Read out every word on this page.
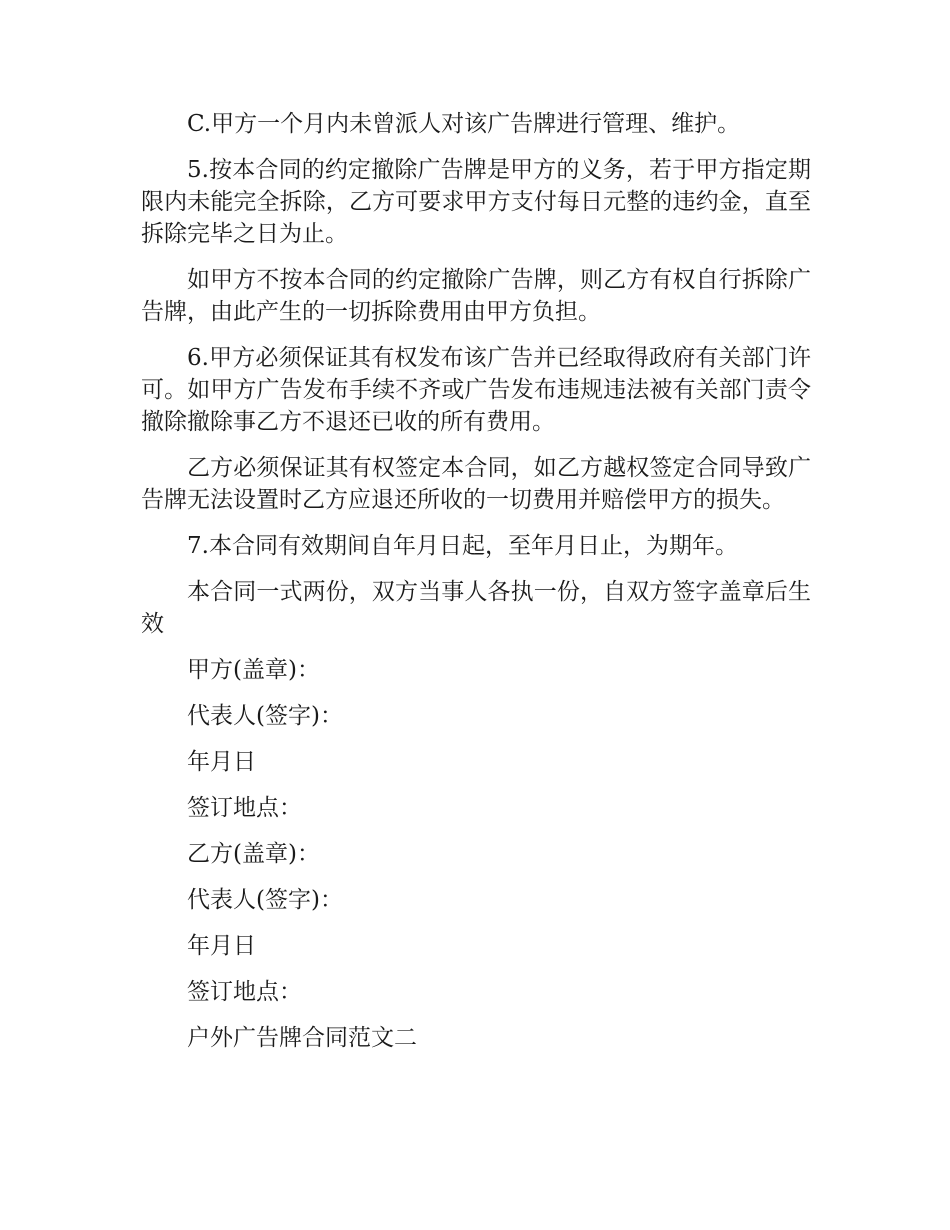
C.甲方一个月内未曾派人对该广告牌进行管理、维护。

5.按本合同的约定撤除广告牌是甲方的义务，若于甲方指定期限内未能完全拆除，乙方可要求甲方支付每日元整的违约金，直至拆除完毕之日为止。

如甲方不按本合同的约定撤除广告牌，则乙方有权自行拆除广告牌，由此产生的一切拆除费用由甲方负担。

6.甲方必须保证其有权发布该广告并已经取得政府有关部门许可。如甲方广告发布手续不齐或广告发布违规违法被有关部门责令撤除撤除事乙方不退还已收的所有费用。

乙方必须保证其有权签定本合同，如乙方越权签定合同导致广告牌无法设置时乙方应退还所收的一切费用并赔偿甲方的损失。

7.本合同有效期间自年月日起，至年月日止，为期年。

本合同一式两份，双方当事人各执一份，自双方签字盖章后生效

甲方(盖章)：

代表人(签字)：

年月日

签订地点：

乙方(盖章)：

代表人(签字)：

年月日

签订地点：

户外广告牌合同范文二
